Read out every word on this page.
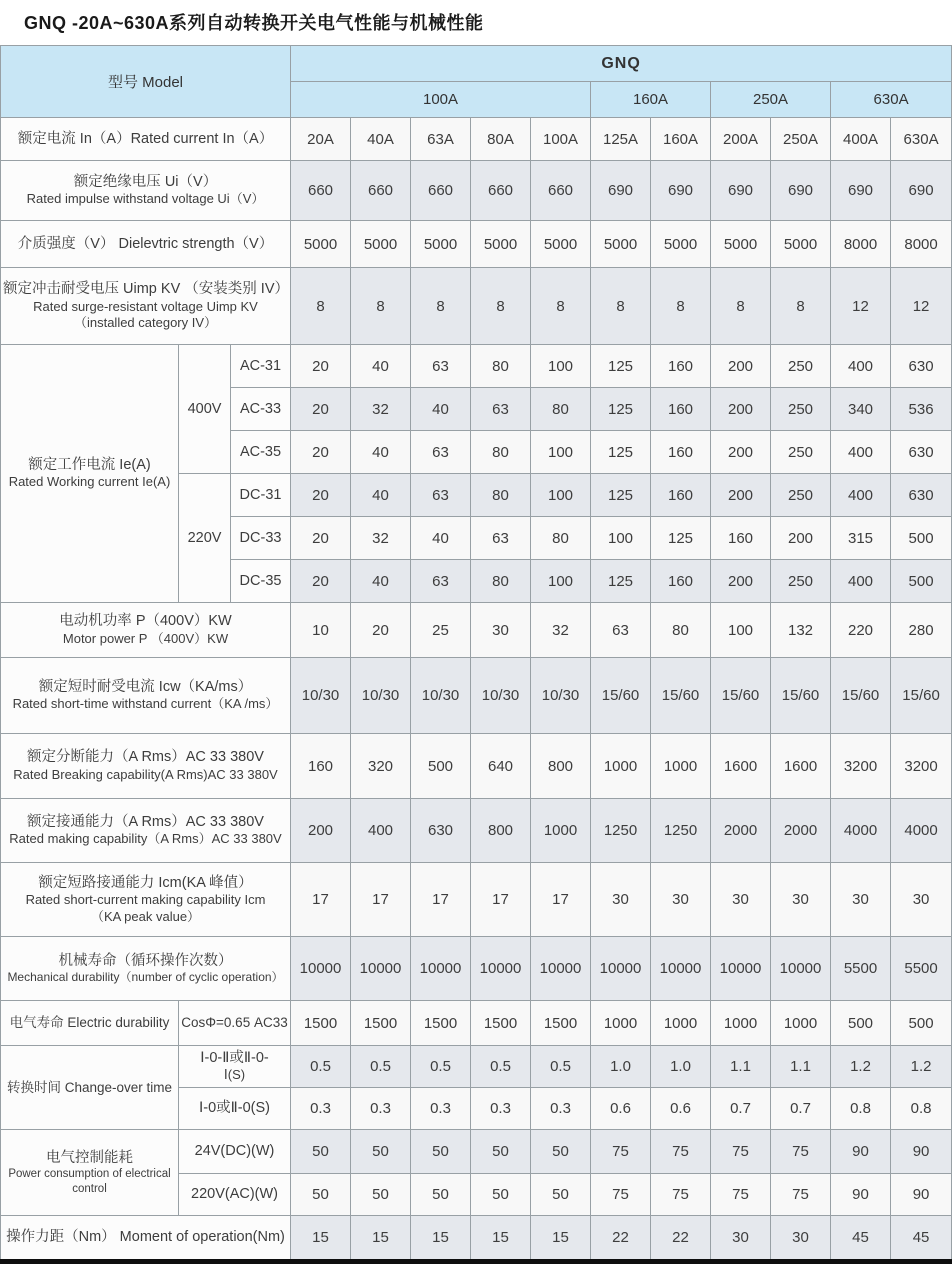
GNQ -20A~630A系列自动转换开关电气性能与机械性能
型号 Model			GNQ										
			100A					160A		250A		630A	

额定电流 In（A）Rated current In（A）			20A	40A	63A	80A	100A	125A	160A	200A	250A	400A	630A

额定绝缘电压 Ui（V）
Rated impulse withstand voltage Ui（V）			660	660	660	660	660	690	690	690	690	690	690

介质强度（V） Dielevtric strength（V）			5000	5000	5000	5000	5000	5000	5000	5000	5000	8000	8000

额定冲击耐受电压 Uimp KV （安装类别 IV）
Rated surge-resistant voltage Uimp KV
（installed category IV）			8	8	8	8	8	8	8	8	8	12	12

额定工作电流 Ie(A)
Rated Working current Ie(A)	400V	AC-31	20	40	63	80	100	125	160	200	250	400	630

		AC-33	20	32	40	63	80	125	160	200	250	340	536

		AC-35	20	40	63	80	100	125	160	200	250	400	630

	220V	DC-31	20	40	63	80	100	125	160	200	250	400	630

		DC-33	20	32	40	63	80	100	125	160	200	315	500

		DC-35	20	40	63	80	100	125	160	200	250	400	500

电动机功率 P（400V）KW
Motor power P （400V）KW			10	20	25	30	32	63	80	100	132	220	280

额定短时耐受电流 Icw（KA/ms）
Rated short-time withstand current（KA /ms）			10/30	10/30	10/30	10/30	10/30	15/60	15/60	15/60	15/60	15/60	15/60

额定分断能力（A Rms）AC 33 380V
Rated Breaking capability(A Rms)AC 33 380V			160	320	500	640	800	1000	1000	1600	1600	3200	3200

额定接通能力（A Rms）AC 33 380V
Rated making capability（A Rms）AC 33 380V			200	400	630	800	1000	1250	1250	2000	2000	4000	4000

额定短路接通能力 Icm(KA 峰值）
Rated short-current making capability Icm
（KA peak value）			17	17	17	17	17	30	30	30	30	30	30

机械寿命（循环操作次数）
Mechanical durability（number of cyclic operation）			10000	10000	10000	10000	10000	10000	10000	10000	10000	5500	5500

电气寿命 Electric durability	CosΦ=0.65 AC33		1500	1500	1500	1500	1500	1000	1000	1000	1000	500	500

转换时间 Change-over time	Ⅰ-0-Ⅱ或Ⅱ-0-
Ⅰ(S)		0.5	0.5	0.5	0.5	0.5	1.0	1.0	1.1	1.1	1.2	1.2

	Ⅰ-0或Ⅱ-0(S)		0.3	0.3	0.3	0.3	0.3	0.6	0.6	0.7	0.7	0.8	0.8

电气控制能耗
Power consumption of electrical
control	24V(DC)(W)		50	50	50	50	50	75	75	75	75	90	90

	220V(AC)(W)		50	50	50	50	50	75	75	75	75	90	90

操作力距（Nm） Moment of operation(Nm)			15	15	15	15	15	22	22	30	30	45	45
